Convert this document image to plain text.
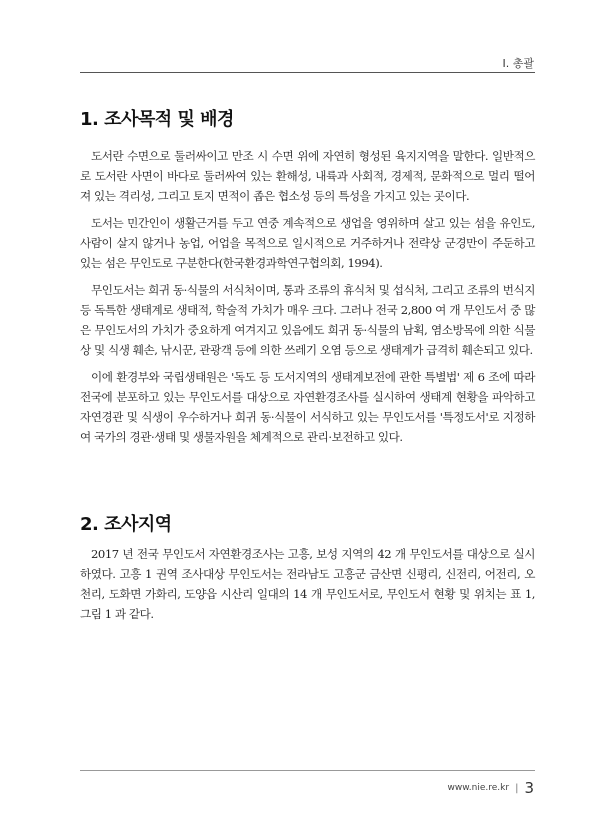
Ⅰ. 총괄
1. 조사목적 및 배경

도서란 수면으로 둘러싸이고 만조 시 수면 위에 자연히 형성된 육지지역을 말한다. 일반적으로 도서란 사면이 바다로 둘러싸여 있는 환해성, 내륙과 사회적, 경제적, 문화적으로 멀리 떨어져 있는 격리성, 그리고 토지 면적이 좁은 협소성 등의 특성을 가지고 있는 곳이다.

도서는 민간인이 생활근거를 두고 연중 계속적으로 생업을 영위하며 살고 있는 섬을 유인도, 사람이 살지 않거나 농업, 어업을 목적으로 일시적으로 거주하거나 전략상 군경만이 주둔하고 있는 섬은 무인도로 구분한다(한국환경과학연구협의회, 1994).

무인도서는 희귀 동·식물의 서식처이며, 통과 조류의 휴식처 및 섭식처, 그리고 조류의 번식지 등 독특한 생태계로 생태적, 학술적 가치가 매우 크다. 그러나 전국 2,800 여 개 무인도서 중 많은 무인도서의 가치가 중요하게 여겨지고 있음에도 희귀 동·식물의 남획, 염소방목에 의한 식물상 및 식생 훼손, 낚시꾼, 관광객 등에 의한 쓰레기 오염 등으로 생태계가 급격히 훼손되고 있다.

이에 환경부와 국립생태원은 '독도 등 도서지역의 생태계보전에 관한 특별법' 제 6 조에 따라 전국에 분포하고 있는 무인도서를 대상으로 자연환경조사를 실시하여 생태계 현황을 파악하고 자연경관 및 식생이 우수하거나 희귀 동·식물이 서식하고 있는 무인도서를 '특정도서'로 지정하여 국가의 경관·생태 및 생물자원을 체계적으로 관리·보전하고 있다.

2. 조사지역

2017 년 전국 무인도서 자연환경조사는 고흥, 보성 지역의 42 개 무인도서를 대상으로 실시하였다. 고흥 1 권역 조사대상 무인도서는 전라남도 고흥군 금산면 신평리, 신전리, 어전리, 오천리, 도화면 가화리, 도양읍 시산리 일대의 14 개 무인도서로, 무인도서 현황 및 위치는 표 1, 그림 1 과 같다.

www.nie.re.kr | 3
